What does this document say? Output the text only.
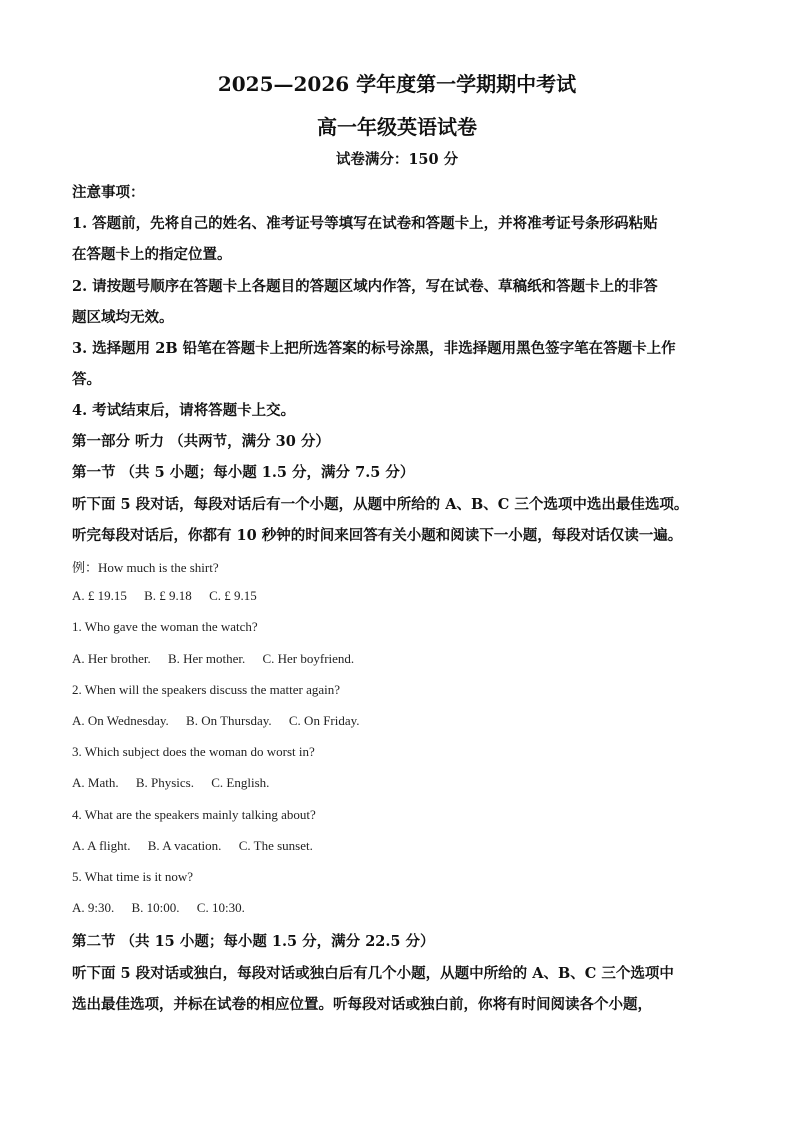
2025—2026 学年度第一学期期中考试
高一年级英语试卷
试卷满分：150 分
注意事项：
1. 答题前，先将自己的姓名、准考证号等填写在试卷和答题卡上，并将准考证号条形码粘贴
在答题卡上的指定位置。
2. 请按题号顺序在答题卡上各题目的答题区域内作答，写在试卷、草稿纸和答题卡上的非答
题区域均无效。
3. 选择题用 2B 铅笔在答题卡上把所选答案的标号涂黑，非选择题用黑色签字笔在答题卡上作
答。
4. 考试结束后，请将答题卡上交。
第一部分 听力 （共两节，满分 30 分）
第一节 （共 5 小题；每小题 1.5 分，满分 7.5 分）
听下面 5 段对话，每段对话后有一个小题，从题中所给的 A、B、C 三个选项中选出最佳选项。
听完每段对话后，你都有 10 秒钟的时间来回答有关小题和阅读下一小题，每段对话仅读一遍。
例：How much is the shirt?
A. £ 19.15 B. £ 9.18 C. £ 9.15
1. Who gave the woman the watch?
A. Her brother. B. Her mother. C. Her boyfriend.
2. When will the speakers discuss the matter again?
A. On Wednesday. B. On Thursday. C. On Friday.
3. Which subject does the woman do worst in?
A. Math. B. Physics. C. English.
4. What are the speakers mainly talking about?
A. A flight. B. A vacation. C. The sunset.
5. What time is it now?
A. 9:30. B. 10:00. C. 10:30.
第二节 （共 15 小题；每小题 1.5 分，满分 22.5 分）
听下面 5 段对话或独白，每段对话或独白后有几个小题，从题中所给的 A、B、C 三个选项中
选出最佳选项，并标在试卷的相应位置。听每段对话或独白前，你将有时间阅读各个小题，
